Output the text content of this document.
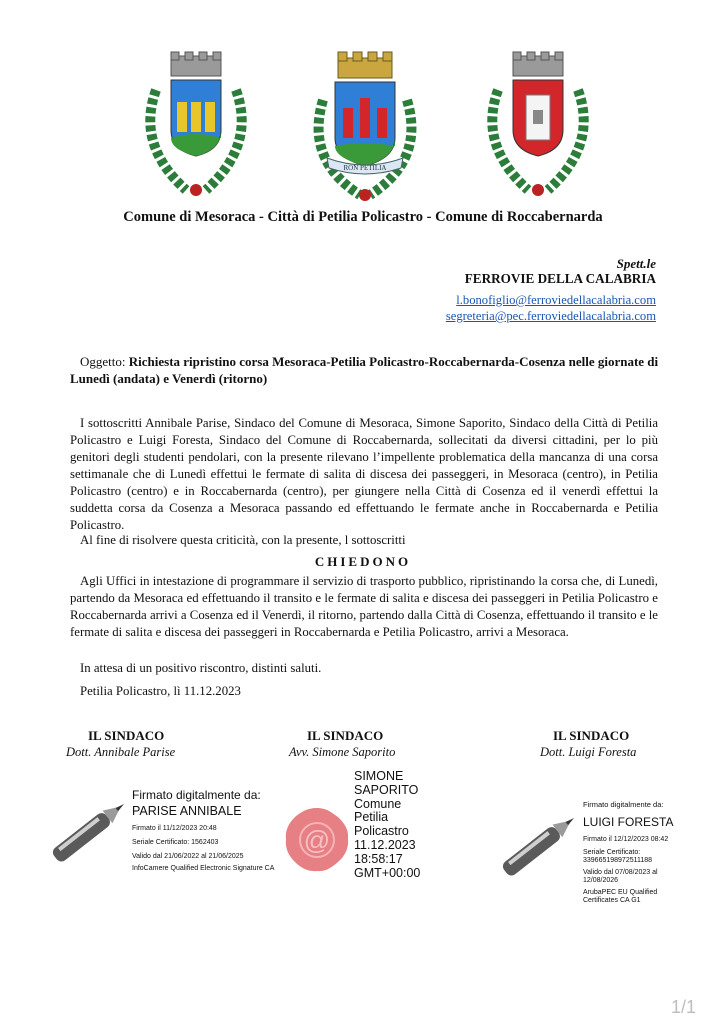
RON PETILIA
Comune di Mesoraca - Città di Petilia Policastro - Comune di Roccabernarda
Spett.le
FERROVIE DELLA CALABRIA
l.bonofiglio@ferroviedellacalabria.com
segreteria@pec.ferroviedellacalabria.com
Oggetto: Richiesta ripristino corsa Mesoraca-Petilia Policastro-Roccabernarda-Cosenza nelle giornate di Lunedì (andata) e Venerdì (ritorno)
I sottoscritti Annibale Parise, Sindaco del Comune di Mesoraca, Simone Saporito, Sindaco della Città di Petilia Policastro e Luigi Foresta, Sindaco del Comune di Roccabernarda, sollecitati da diversi cittadini, per lo più genitori degli studenti pendolari, con la presente rilevano l’impellente problematica della mancanza di una corsa settimanale che di Lunedì effettui le fermate di salita di discesa dei passeggeri, in Mesoraca (centro), in Petilia Policastro (centro) e in Roccabernarda (centro), per giungere nella Città di Cosenza ed il venerdì effettui la suddetta corsa da Cosenza a Mesoraca passando ed effettuando le fermate anche in Roccabernarda e Petilia Policastro.
Al fine di risolvere questa criticità, con la presente, l sottoscritti
CHIEDONO
Agli Uffici in intestazione di programmare il servizio di trasporto pubblico, ripristinando la corsa che, di Lunedì, partendo da Mesoraca ed effettuando il transito e le fermate di salita e discesa dei passeggeri in Petilia Policastro e Roccabernarda arrivi a Cosenza ed il Venerdì, il ritorno, partendo dalla Città di Cosenza, effettuando il transito e le fermate di salita e discesa dei passeggeri in Roccabernarda e Petilia Policastro, arrivi a Mesoraca.
In attesa di un positivo riscontro, distinti saluti.
Petilia Policastro, lì 11.12.2023
IL SINDACO
Dott. Annibale Parise
IL SINDACO
Avv. Simone Saporito
IL SINDACO
Dott. Luigi Foresta
Firmato digitalmente da:
PARISE ANNIBALE
Firmato il 11/12/2023 20:48
Seriale Certificato: 1562403
Valido dal 21/06/2022 al 21/06/2025
InfoCamere Qualified Electronic Signature CA
@
SIMONE
SAPORITO
Comune
Petilia
Policastro
11.12.2023
18:58:17
GMT+00:00
Firmato digitalmente da:
LUIGI FORESTA
Firmato il 12/12/2023 08:42
Seriale Certificato:
33966519897251118​8
Valido dal 07/08/2023 al 12/08/2026
ArubaPEC EU Qualified Certificates CA G1
1/1
